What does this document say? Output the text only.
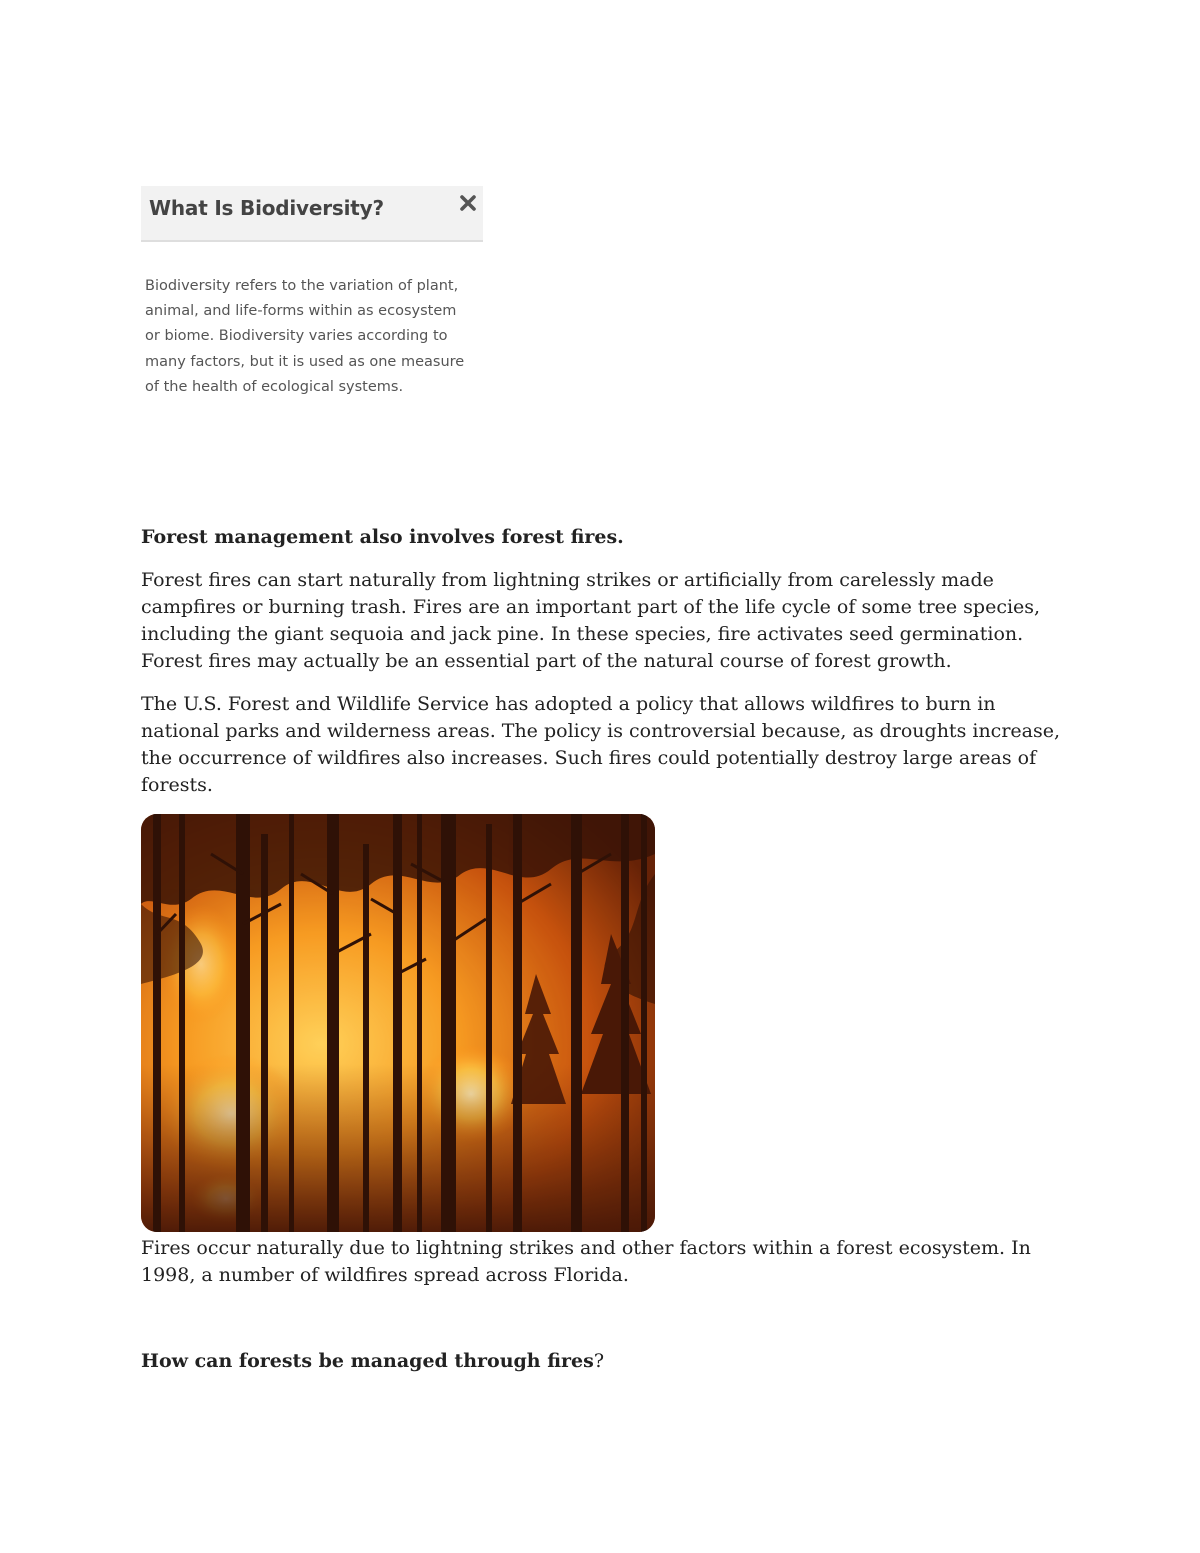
What Is Biodiversity?
Biodiversity refers to the variation of plant, animal, and life-forms within as ecosystem or biome. Biodiversity varies according to many factors, but it is used as one measure of the health of ecological systems.

Forest management also involves forest fires.

Forest fires can start naturally from lightning strikes or artificially from carelessly made campfires or burning trash. Fires are an important part of the life cycle of some tree species, including the giant sequoia and jack pine. In these species, fire activates seed germination. Forest fires may actually be an essential part of the natural course of forest growth.

The U.S. Forest and Wildlife Service has adopted a policy that allows wildfires to burn in national parks and wilderness areas. The policy is controversial because, as droughts increase, the occurrence of wildfires also increases. Such fires could potentially destroy large areas of forests.

Fires occur naturally due to lightning strikes and other factors within a forest ecosystem. In 1998, a number of wildfires spread across Florida.

How can forests be managed through fires?
